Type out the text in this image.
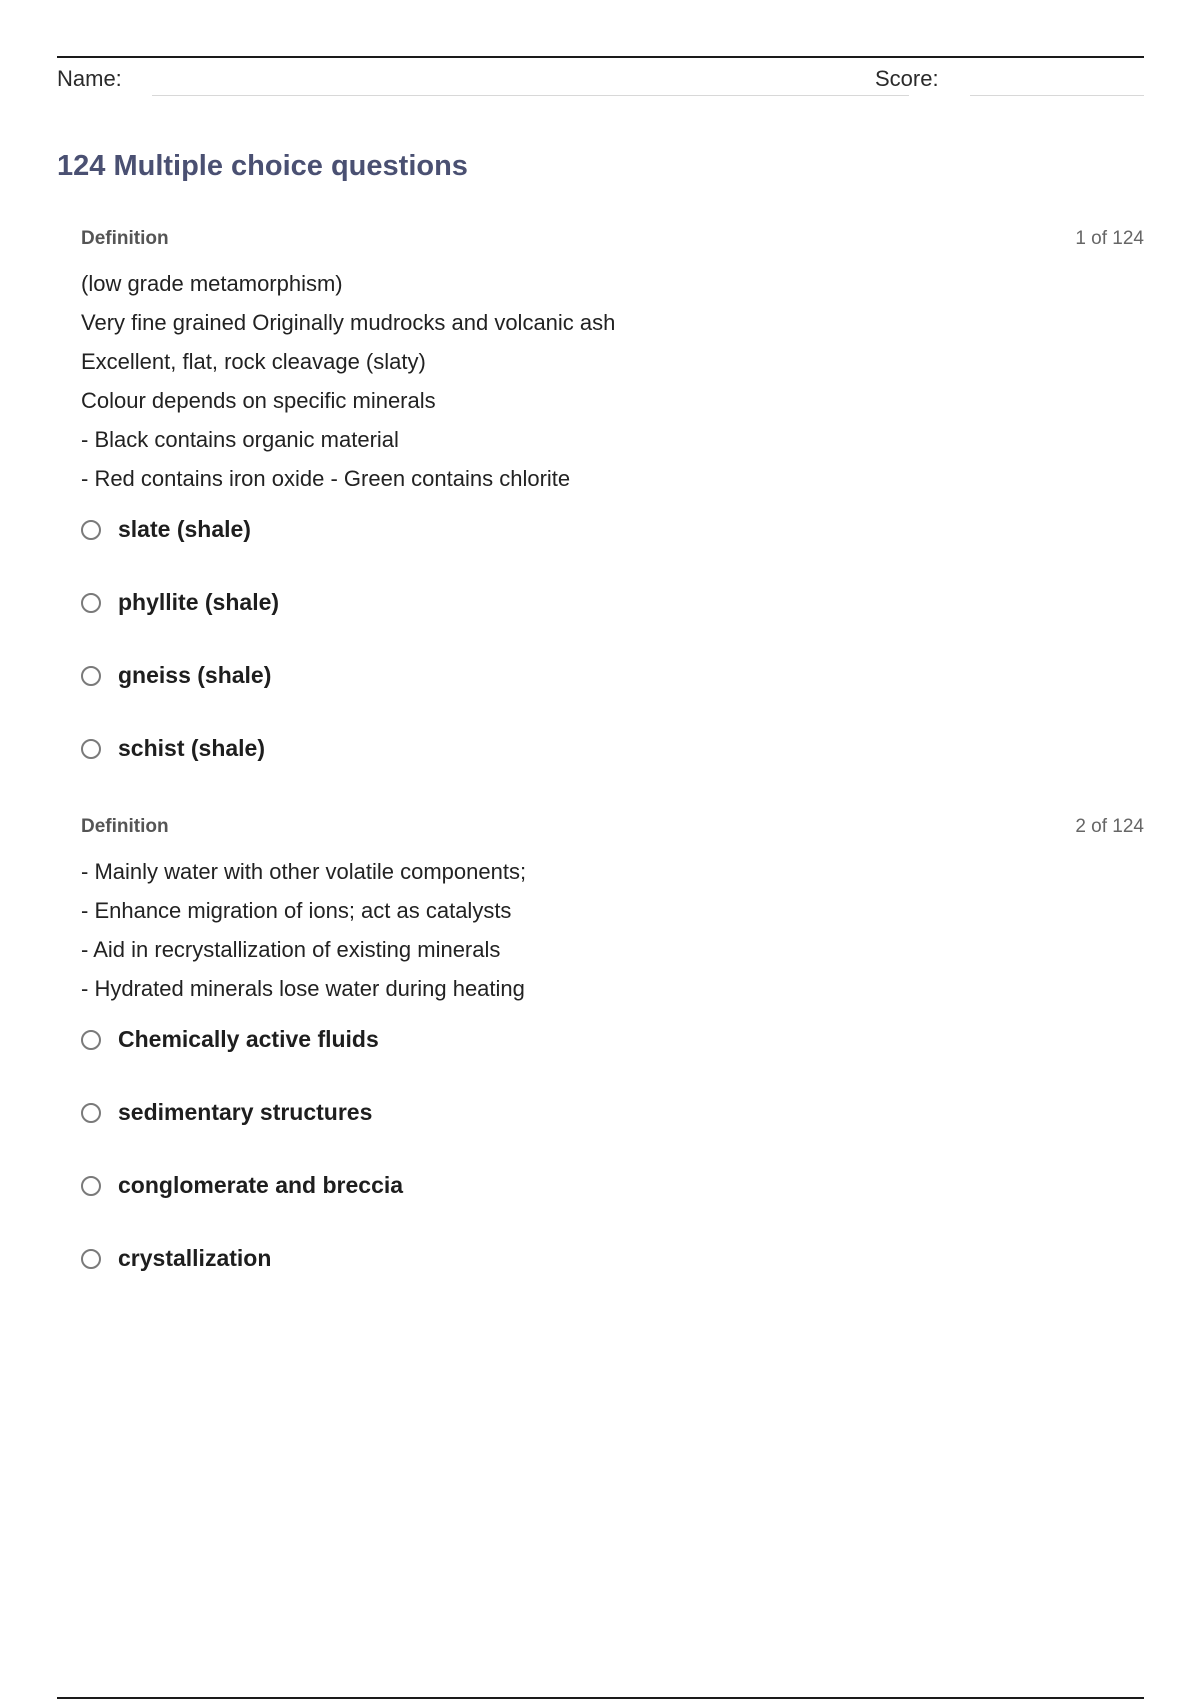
Name:	Score:
124 Multiple choice questions
Definition	1 of 124
(low grade metamorphism)
Very fine grained Originally mudrocks and volcanic ash
Excellent, flat, rock cleavage (slaty)
Colour depends on specific minerals
- Black contains organic material
- Red contains iron oxide - Green contains chlorite
slate (shale)
phyllite (shale)
gneiss (shale)
schist (shale)
Definition	2 of 124
- Mainly water with other volatile components;
- Enhance migration of ions; act as catalysts
- Aid in recrystallization of existing minerals
- Hydrated minerals lose water during heating
Chemically active fluids
sedimentary structures
conglomerate and breccia
crystallization
